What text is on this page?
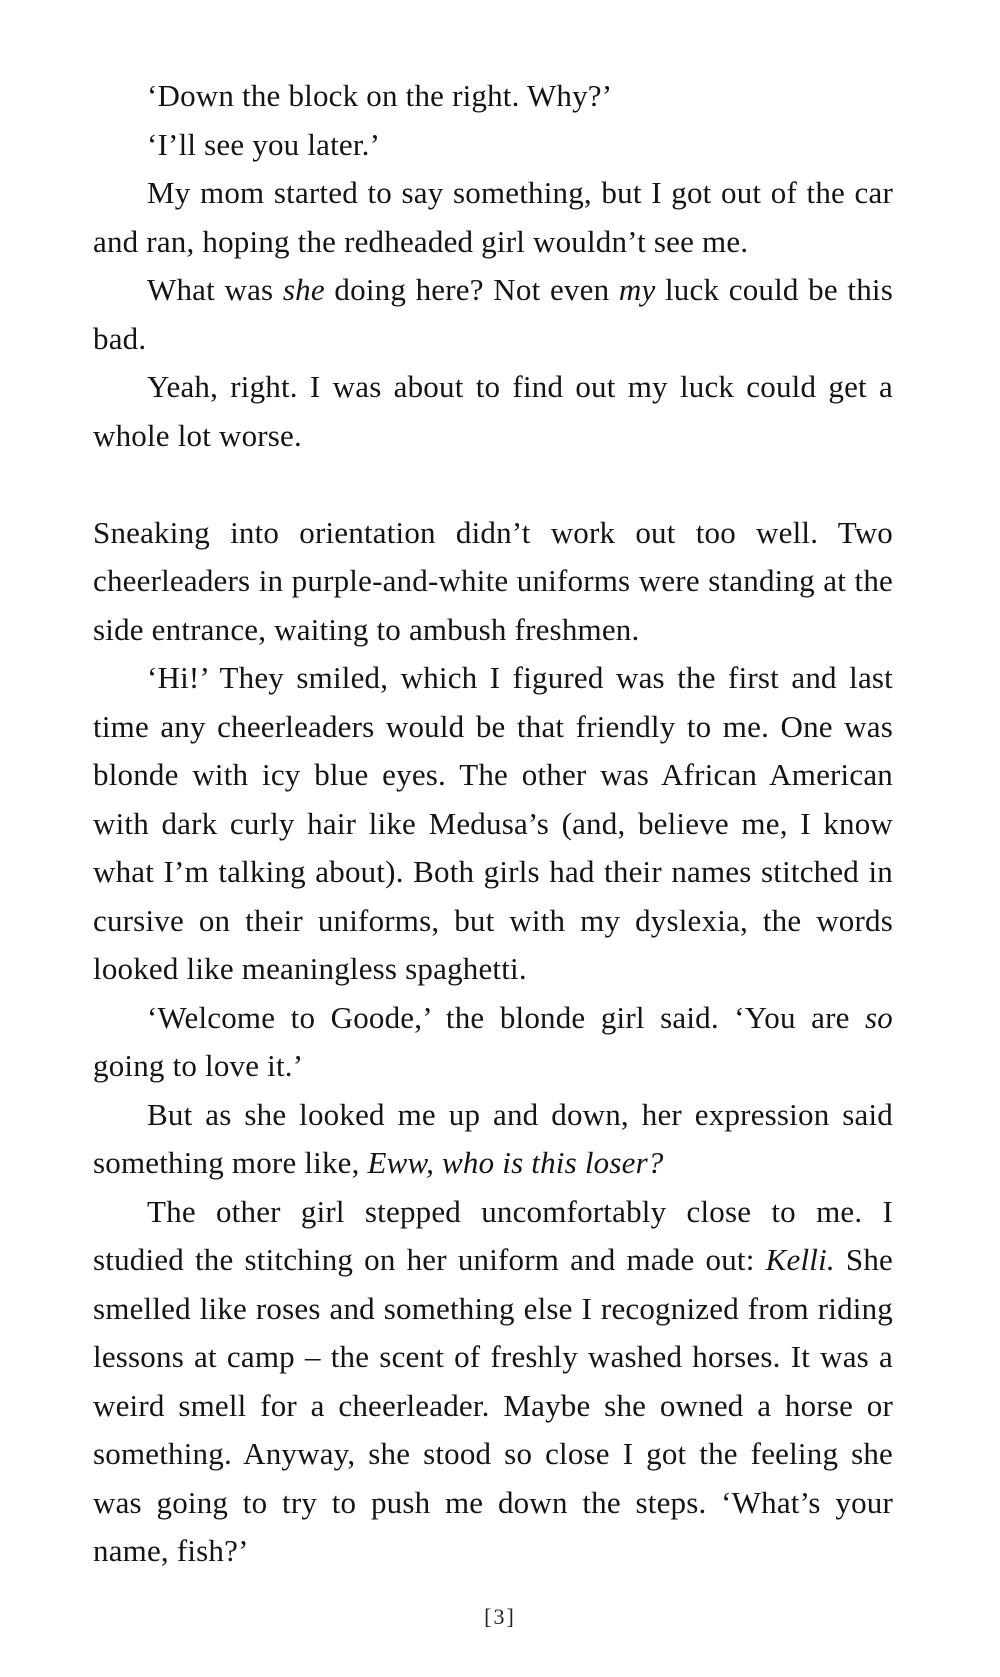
‘Down the block on the right. Why?’

‘I’ll see you later.’

My mom started to say something, but I got out of the car and ran, hoping the redheaded girl wouldn’t see me.

What was she doing here? Not even my luck could be this bad.

Yeah, right. I was about to find out my luck could get a whole lot worse.

Sneaking into orientation didn’t work out too well. Two cheerleaders in purple-and-white uniforms were standing at the side entrance, waiting to ambush freshmen.

‘Hi!’ They smiled, which I figured was the first and last time any cheerleaders would be that friendly to me. One was blonde with icy blue eyes. The other was African American with dark curly hair like Medusa’s (and, believe me, I know what I’m talking about). Both girls had their names stitched in cursive on their uniforms, but with my dyslexia, the words looked like meaningless spaghetti.

‘Welcome to Goode,’ the blonde girl said. ‘You are so going to love it.’

But as she looked me up and down, her expression said something more like, Eww, who is this loser?

The other girl stepped uncomfortably close to me. I studied the stitching on her uniform and made out: Kelli. She smelled like roses and something else I recognized from riding lessons at camp – the scent of freshly washed horses. It was a weird smell for a cheerleader. Maybe she owned a horse or something. Anyway, she stood so close I got the feeling she was going to try to push me down the steps. ‘What’s your name, fish?’

[3]
